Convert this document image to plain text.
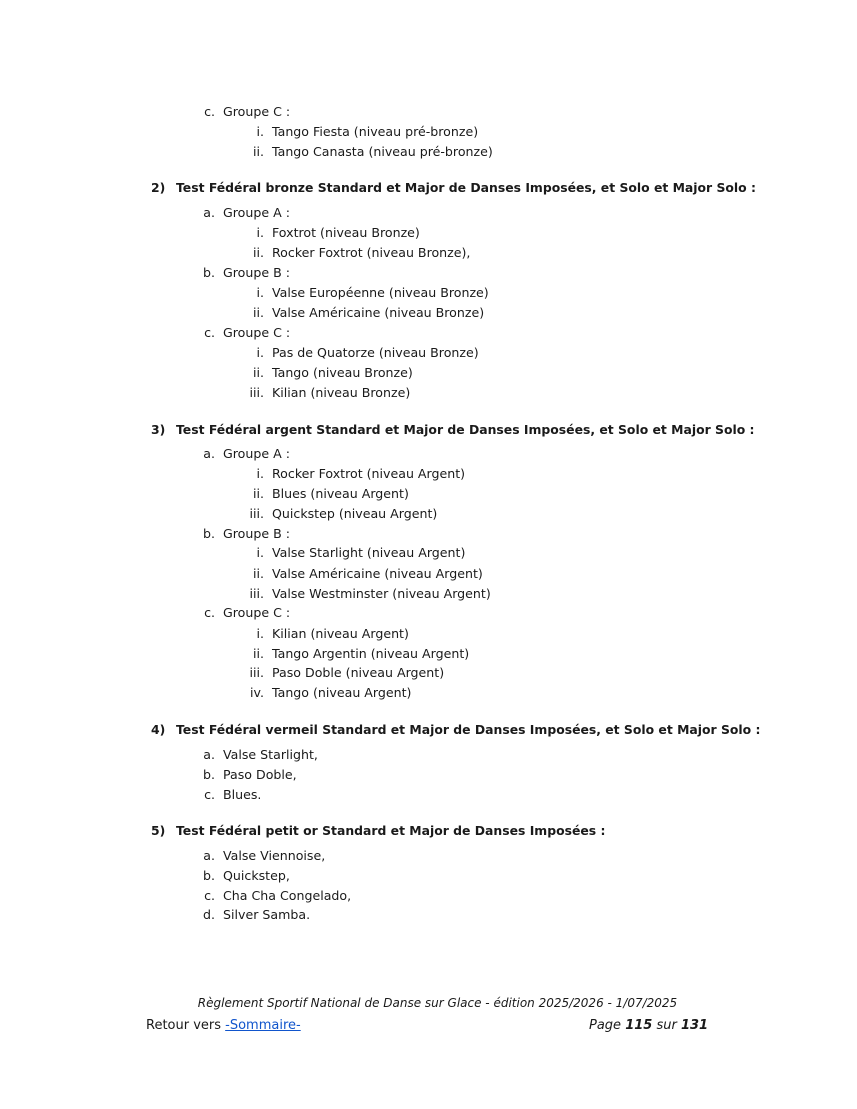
c. Groupe C :
i. Tango Fiesta (niveau pré-bronze)
ii. Tango Canasta (niveau pré-bronze)
2) Test Fédéral bronze Standard et Major de Danses Imposées, et Solo et Major Solo :
a. Groupe A :
i. Foxtrot (niveau Bronze)
ii. Rocker Foxtrot (niveau Bronze),
b. Groupe B :
i. Valse Européenne (niveau Bronze)
ii. Valse Américaine (niveau Bronze)
c. Groupe C :
i. Pas de Quatorze (niveau Bronze)
ii. Tango (niveau Bronze)
iii. Kilian (niveau Bronze)
3) Test Fédéral argent Standard et Major de Danses Imposées, et Solo et Major Solo :
a. Groupe A :
i. Rocker Foxtrot (niveau Argent)
ii. Blues (niveau Argent)
iii. Quickstep (niveau Argent)
b. Groupe B :
i. Valse Starlight (niveau Argent)
ii. Valse Américaine (niveau Argent)
iii. Valse Westminster (niveau Argent)
c. Groupe C :
i. Kilian (niveau Argent)
ii. Tango Argentin (niveau Argent)
iii. Paso Doble (niveau Argent)
iv. Tango (niveau Argent)
4) Test Fédéral vermeil Standard et Major de Danses Imposées, et Solo et Major Solo :
a. Valse Starlight,
b. Paso Doble,
c. Blues.
5) Test Fédéral petit or Standard et Major de Danses Imposées :
a. Valse Viennoise,
b. Quickstep,
c. Cha Cha Congelado,
d. Silver Samba.
Règlement Sportif National de Danse sur Glace - édition 2025/2026 - 1/07/2025
Retour vers -Sommaire-	Page 115 sur 131
